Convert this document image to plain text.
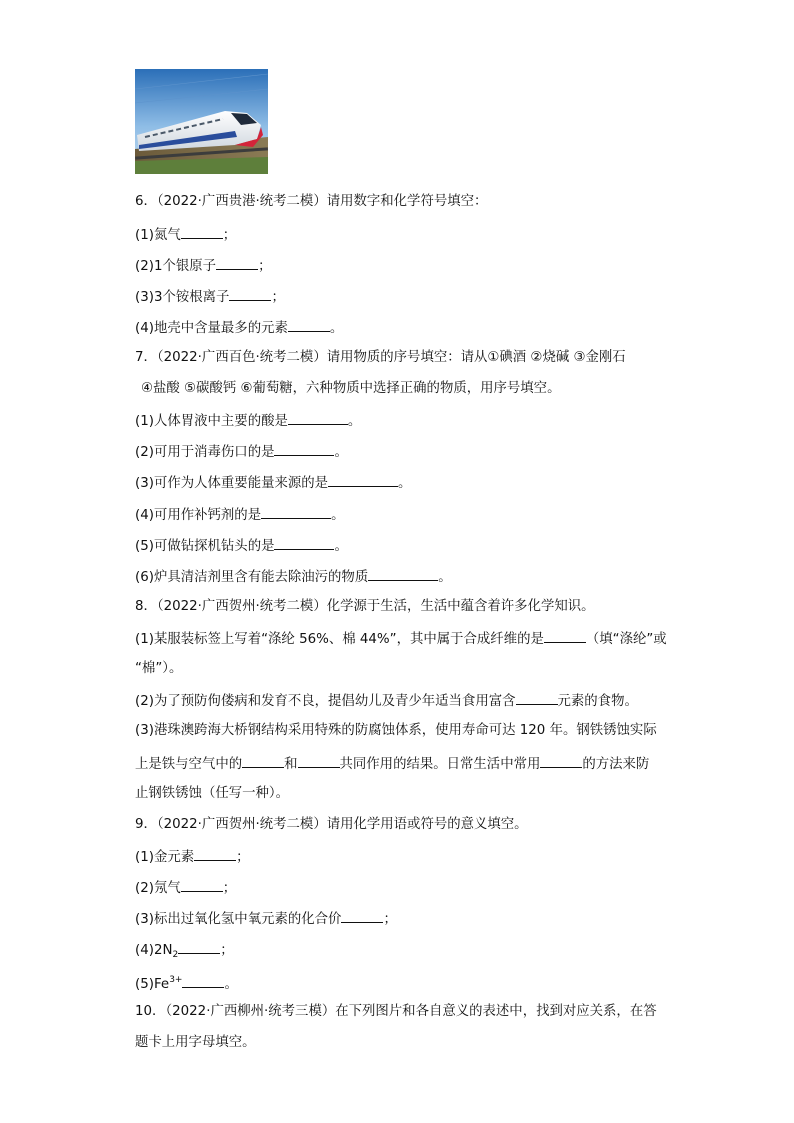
6．（2022·广西贵港·统考二模）请用数字和化学符号填空：
(1)氮气	；
(2)1个银原子	；
(3)3个铵根离子	；
(4)地壳中含量最多的元素	。
7．（2022·广西百色·统考二模）请用物质的序号填空：请从①碘酒 ②烧碱 ③金刚石
④盐酸 ⑤碳酸钙 ⑥葡萄糖，六种物质中选择正确的物质，用序号填空。
(1)人体胃液中主要的酸是	。
(2)可用于消毒伤口的是	。
(3)可作为人体重要能量来源的是	。
(4)可用作补钙剂的是	。
(5)可做钻探机钻头的是	。
(6)炉具清洁剂里含有能去除油污的物质	。
8．（2022·广西贺州·统考二模）化学源于生活，生活中蕴含着许多化学知识。
(1)某服装标签上写着“涤纶 56%、棉 44%”，其中属于合成纤维的是	（填“涤纶”或
“棉”）。
(2)为了预防佝偻病和发育不良，提倡幼儿及青少年适当食用富含	元素的食物。
(3)港珠澳跨海大桥钢结构采用特殊的防腐蚀体系，使用寿命可达 120 年。钢铁锈蚀实际
上是铁与空气中的	和	共同作用的结果。日常生活中常用	的方法来防
止钢铁锈蚀（任写一种）。
9．（2022·广西贺州·统考二模）请用化学用语或符号的意义填空。
(1)金元素	；
(2)氖气	；
(3)标出过氧化氢中氧元素的化合价	；
$(4)2N_2$	；
$(5)Fe^{3+}$	。
10．（2022·广西柳州·统考三模）在下列图片和各自意义的表述中，找到对应关系，在答
题卡上用字母填空。
